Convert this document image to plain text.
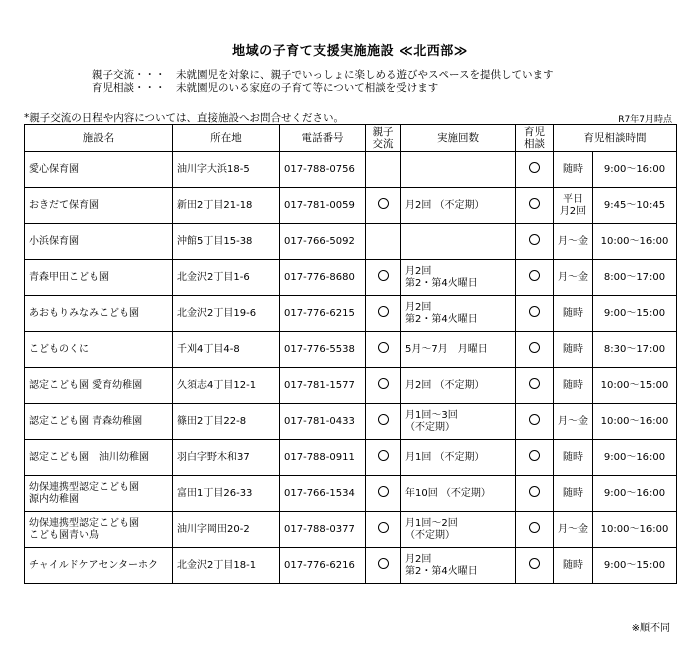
地域の子育て支援実施施設 ≪北西部≫
親子交流・・・ 未就園児を対象に、親子でいっしょに楽しめる遊びやスペースを提供しています
育児相談・・・ 未就園児のいる家庭の子育て等について相談を受けます
*親子交流の日程や内容については、直接施設へお問合せください。	R7年7月時点
施設名	所在地	電話番号	親子
交流	実施回数	育児
相談	育児相談時間	
愛心保育園	油川字大浜18-5	017-788-0756				随時	9:00～16:00
おきだて保育園	新田2丁目21-18	017-781-0059		月2回 （不定期）		平日
月2回	9:45～10:45
小浜保育園	沖館5丁目15-38	017-766-5092				月～金	10:00～16:00
青森甲田こども園	北金沢2丁目1-6	017-776-8680		月2回
第2・第4火曜日		月～金	8:00～17:00
あおもりみなみこども園	北金沢2丁目19-6	017-776-6215		月2回
第2・第4火曜日		随時	9:00～15:00
こどものくに	千刈4丁目4-8	017-776-5538		5月～7月　月曜日		随時	8:30～17:00
認定こども園 愛育幼稚園	久須志4丁目12-1	017-781-1577		月2回 （不定期）		随時	10:00～15:00
認定こども園 青森幼稚園	篠田2丁目22-8	017-781-0433		月1回～3回
（不定期）		月～金	10:00～16:00
認定こども園　油川幼稚園	羽白字野木和37	017-788-0911		月1回 （不定期）		随時	9:00～16:00
幼保連携型認定こども園
源内幼稚園	富田1丁目26-33	017-766-1534		年10回 （不定期）		随時	9:00～16:00
幼保連携型認定こども園
こども園青い鳥	油川字岡田20-2	017-788-0377		月1回～2回
（不定期）		月～金	10:00～16:00
チャイルドケアセンターホク	北金沢2丁目18-1	017-776-6216		月2回
第2・第4火曜日		随時	9:00～15:00
※順不同
